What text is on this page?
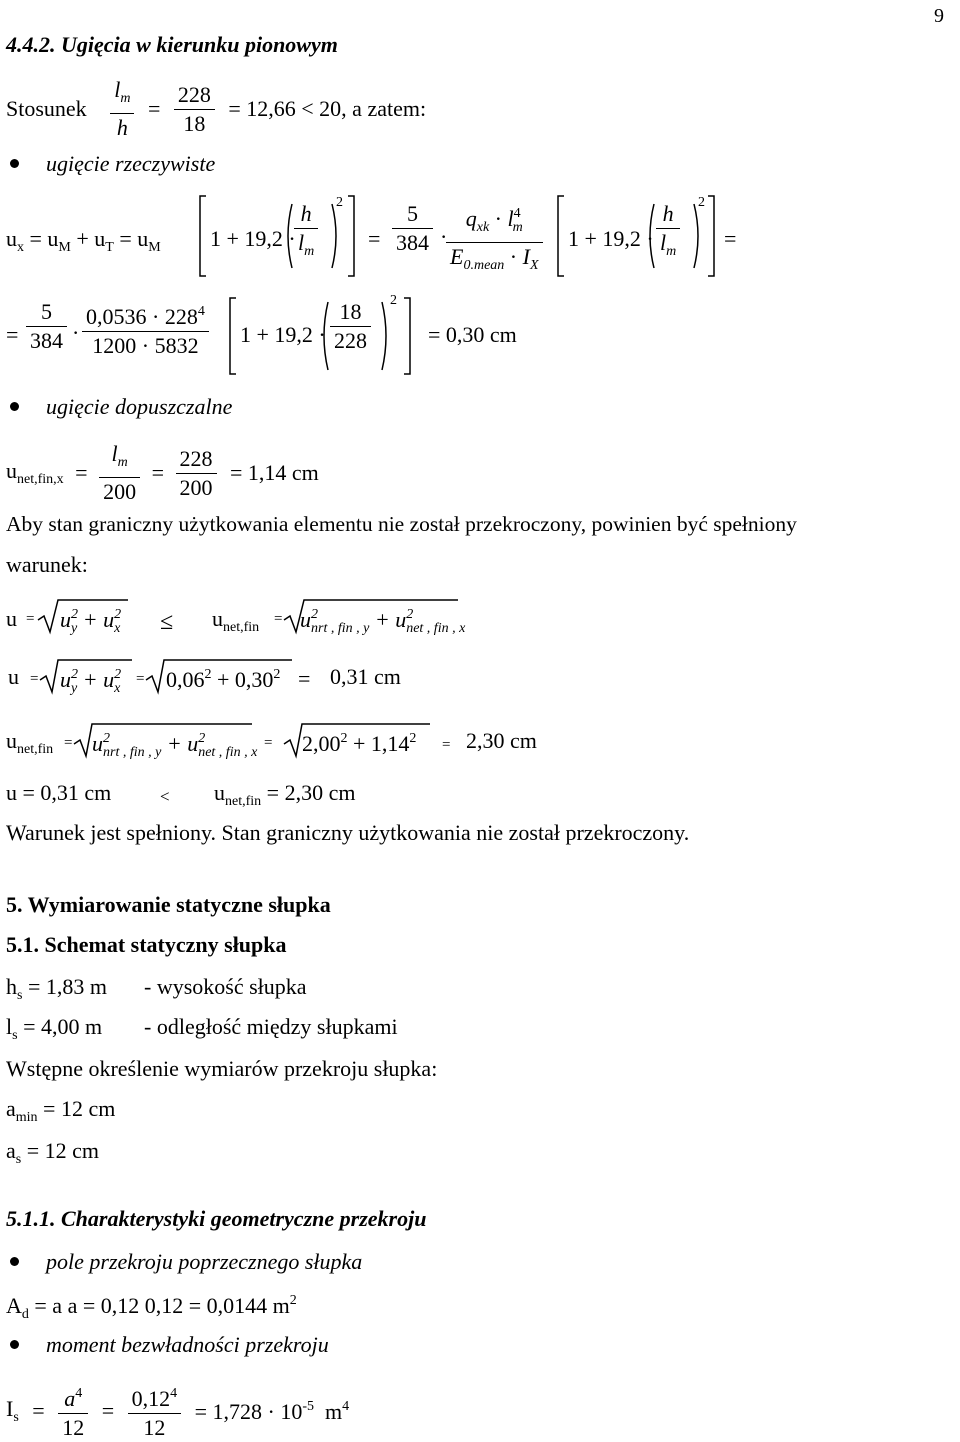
9
4.4.2. Ugięcia w kierunku pionowym
Stosunek $\frac{l_m}{h} = \frac{228}{18} = 12,66 < 20$, a zatem:
ugięcie rzeczywiste
$u_x = u_M + u_T = u_M$ 1 + 19,2 ·
$\frac{h}{l_m} 2$
= $\frac{5}{384}$ ·
$\frac{q_{xk} \cdot l^4_m}{E_{0.mean} \cdot I_X} 1 + 19,2 \cdot \frac{h}{l_m} 2$
=
= $\frac{5}{384} \cdot \frac{0,0536 \cdot 228^4}{1200 \cdot 5832} 1 + 19,2 \cdot \frac{18}{228} 2$
= 0,30 cm
ugięcie dopuszczalne
$u_{net,fin,x} = \frac{l_m}{200} = \frac{228}{200} = 1,14$ cm
Aby stan graniczny użytkowania elementu nie został przekroczony, powinien być spełniony
warunek:
$u = u^2_y + u^2_x \le u_{net,fin}$
= $u^2_{nrt , fin , y} + u^2_{net , fin , x}$
$u = u^2_y + u^2_x$
= $0,06^2 + 0,30^2 = 0,31$ cm
$u_{net,fin} = u^2_{nrt , fin , y} + u^2_{net , fin , x}$
= $2,00^2 + 1,14^2 = 2,30$ cm
u = 0,31 cm	< $u_{net,fin} = 2,30$ cm
Warunek jest spełniony. Stan graniczny użytkowania nie został przekroczony.
5. Wymiarowanie statyczne słupka
5.1. Schemat statyczny słupka
$h_s = 1,83$ m - wysokość słupka
$l_s = 4,00$ m - odległość między słupkami
Wstępne określenie wymiarów przekroju słupka:
$a_{min} = 12$ cm
$a_s = 12$ cm
5.1.1. Charakterystyki geometryczne przekroju
pole przekroju poprzecznego słupka
$A_d = a$ a = 0,12 0,12 = 0,0144 $m^2$
moment bezwładności przekroju
$I_s = \frac{a^4}{12} = \frac{0,12^4}{12} = 1,728 \cdot 10^{-5}$ $m^4$
